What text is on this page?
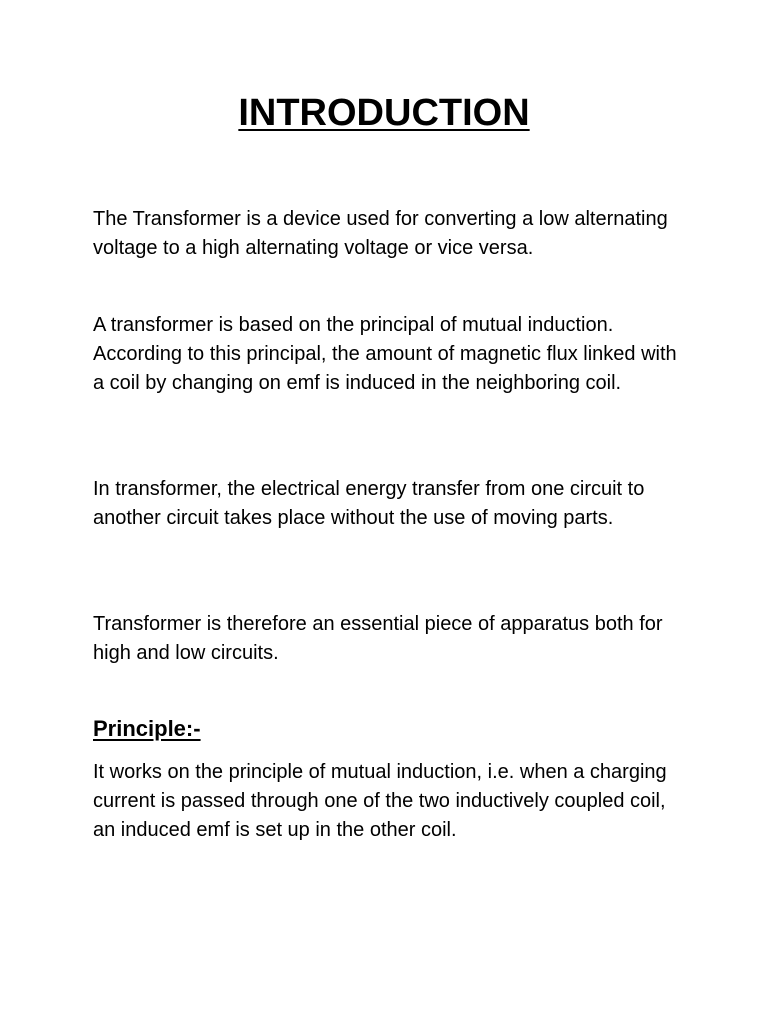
INTRODUCTION

The Transformer is a device used for converting a low alternating voltage to a high alternating voltage or vice versa.

A transformer is based on the principal of mutual induction. According to this principal, the amount of magnetic flux linked with a coil by changing on emf is induced in the neighboring coil.

In transformer, the electrical energy transfer from one circuit to another circuit takes place without the use of moving parts.

Transformer is therefore an essential piece of apparatus both for high and low circuits.

Principle:-

It works on the principle of mutual induction, i.e. when a charging current is passed through one of the two inductively coupled coil, an induced emf is set up in the other coil.
